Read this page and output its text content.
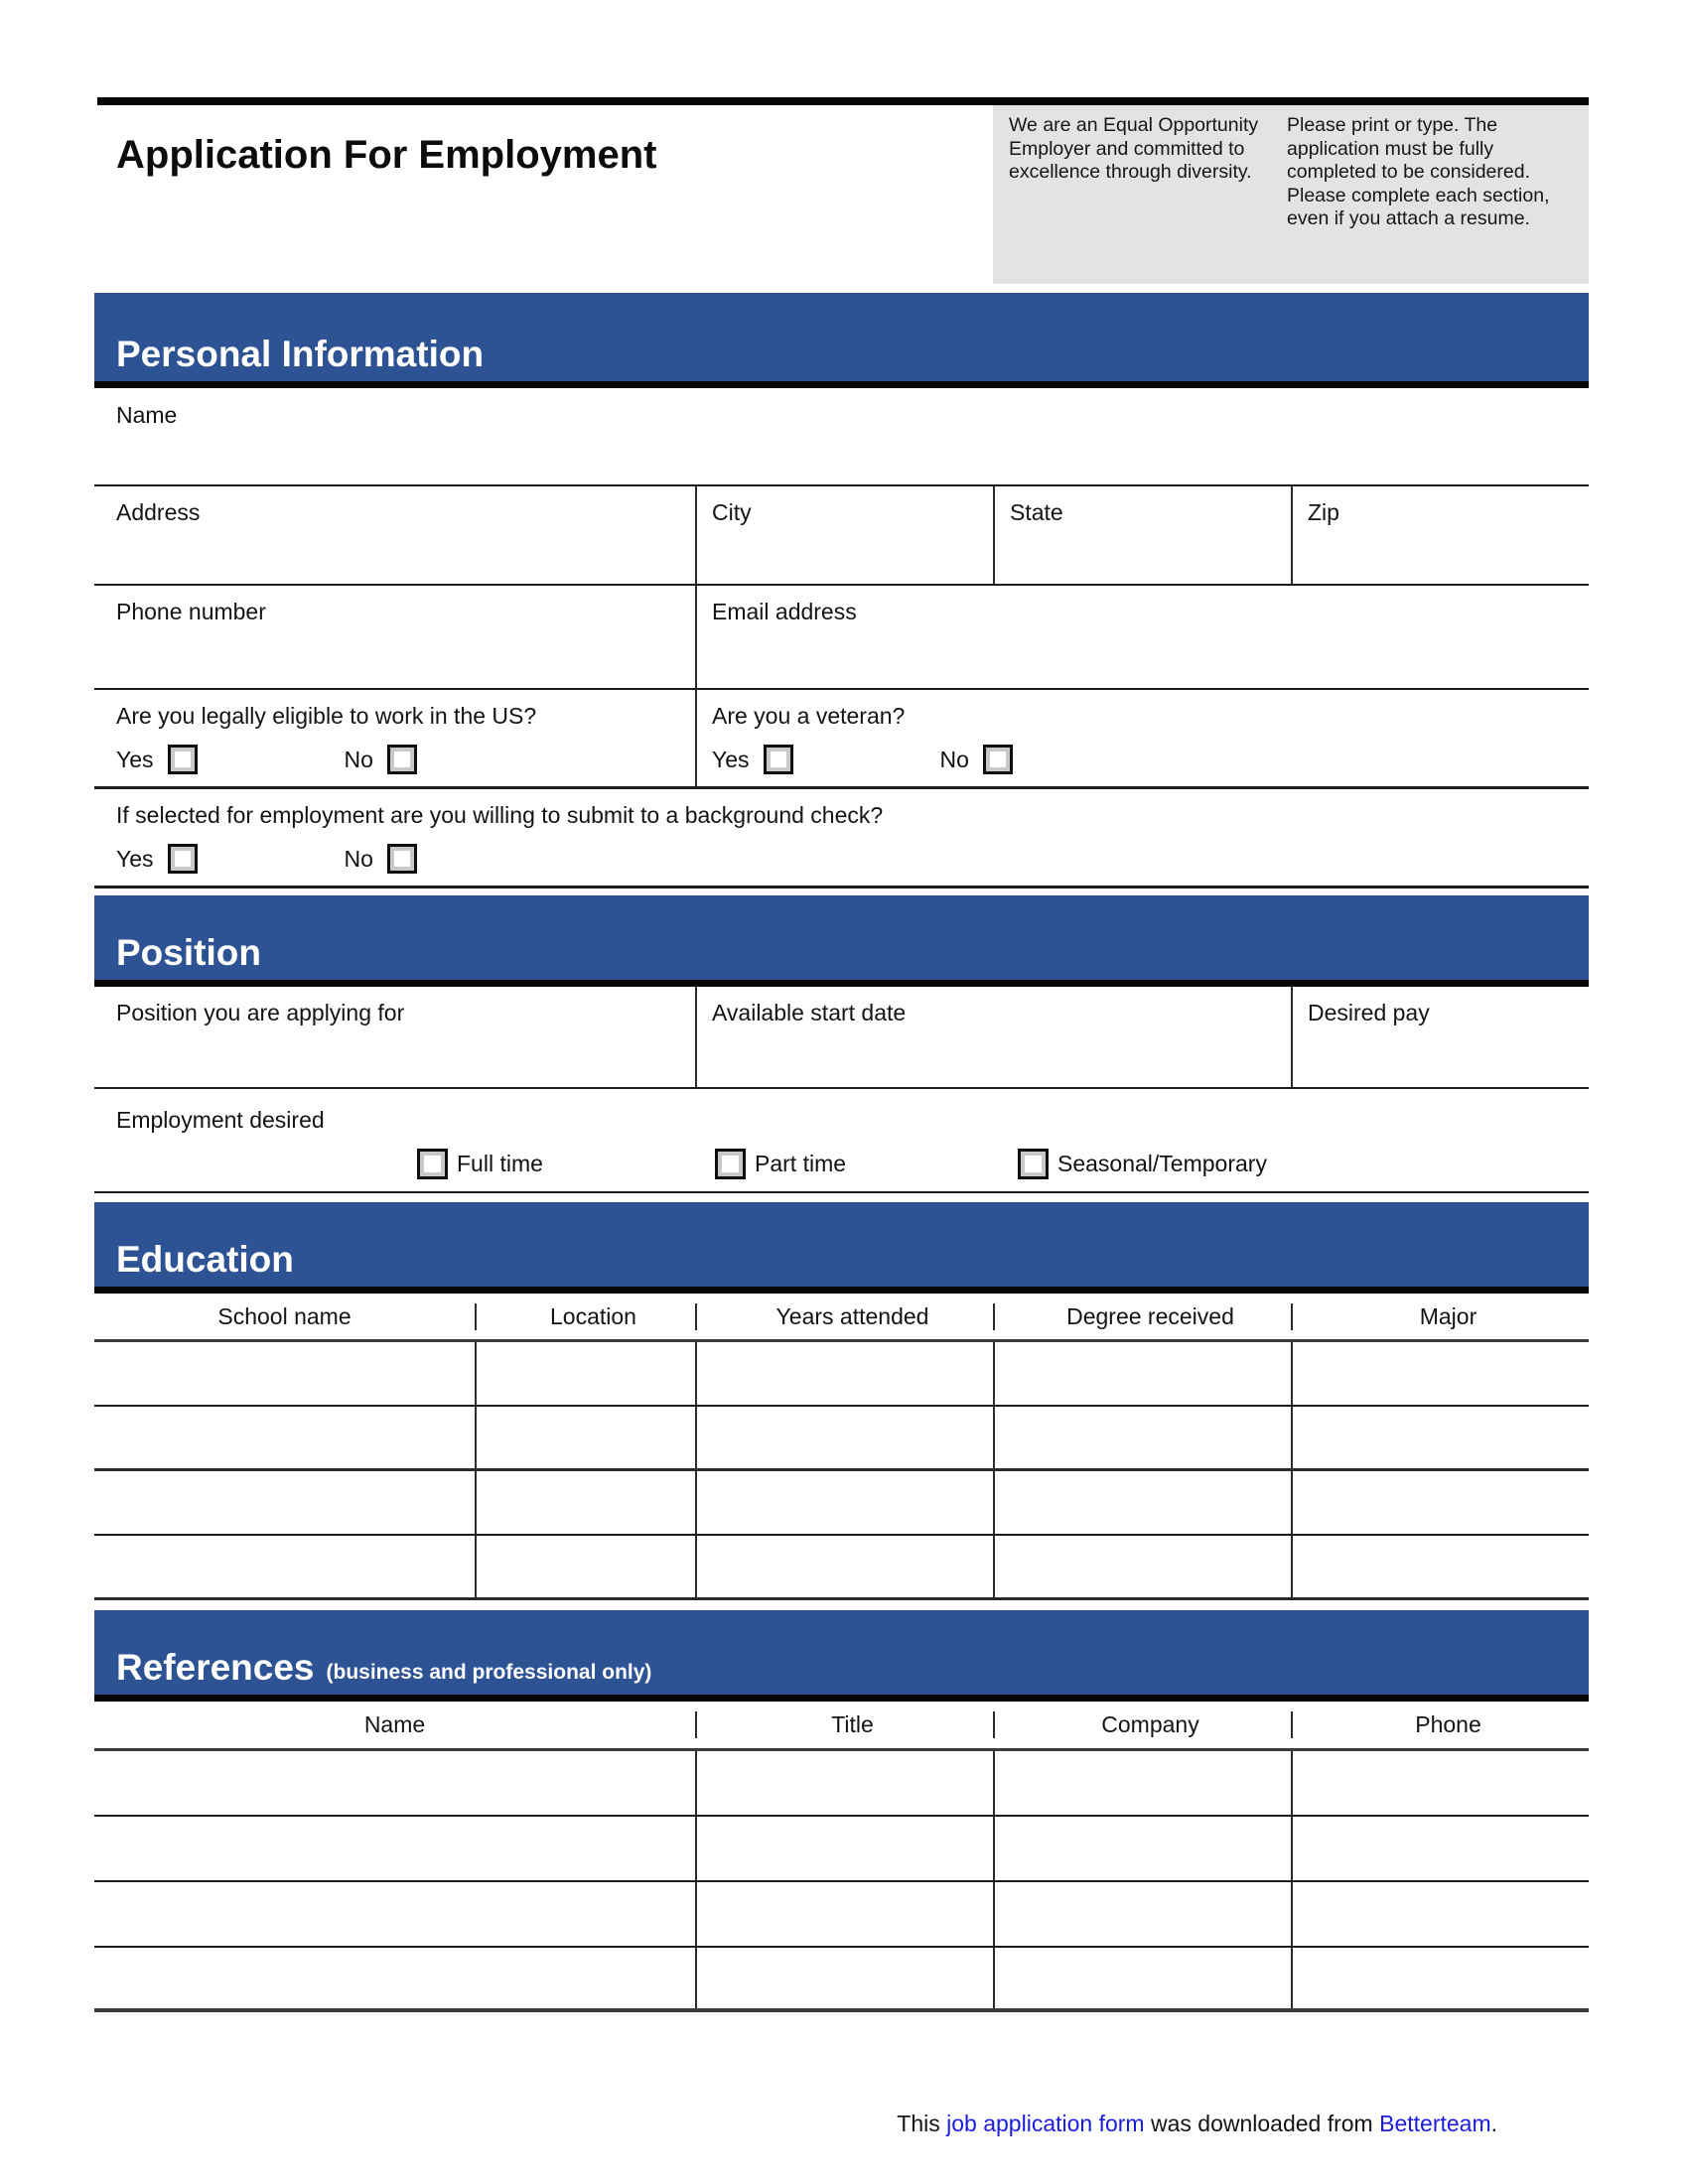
Application For Employment

We are an Equal Opportunity Employer and committed to excellence through diversity.

Please print or type. The application must be fully completed to be considered. Please complete each section, even if you attach a resume.

Personal Information
Name
Address	City	State	Zip
Phone number	Email address
Are you legally eligible to work in the US?
Yes	No
Are you a veteran?
Yes	No
If selected for employment are you willing to submit to a background check?
Yes	No
Position
Position you are applying for	Available start date	Desired pay
Employment desired
Full time	Part time	Seasonal/Temporary
Education
School name	Location	Years attended	Degree received	Major
References (business and professional only)
Name	Title	Company	Phone
This job application form was downloaded from Betterteam.
